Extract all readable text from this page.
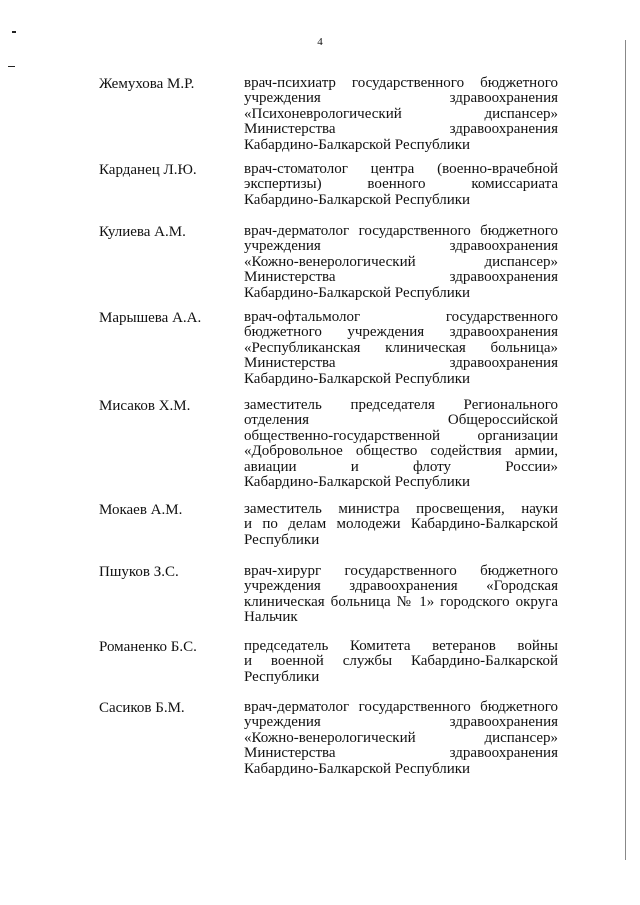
4
Жемухова М.Р.	врач-психиатр государственного бюджетного
учреждения здравоохранения
«Психоневрологический диспансер»
Министерства здравоохранения
Кабардино-Балкарской Республики
Карданец Л.Ю.	врач-стоматолог центра (военно-врачебной
экспертизы) военного комиссариата
Кабардино-Балкарской Республики
Кулиева А.М.	врач-дерматолог государственного бюджетного
учреждения здравоохранения
«Кожно-венерологический диспансер»
Министерства здравоохранения
Кабардино-Балкарской Республики
Марышева А.А.	врач-офтальмолог государственного
бюджетного учреждения здравоохранения
«Республиканская клиническая больница»
Министерства здравоохранения
Кабардино-Балкарской Республики
Мисаков Х.М.	заместитель председателя Регионального
отделения Общероссийской
общественно-государственной организации
«Добровольное общество содействия армии,
авиации и флоту России»
Кабардино-Балкарской Республики
Мокаев А.М.	заместитель министра просвещения, науки
и по делам молодежи Кабардино-Балкарской
Республики
Пшуков З.С.	врач-хирург государственного бюджетного
учреждения здравоохранения «Городская
клиническая больница № 1» городского округа
Нальчик
Романенко Б.С.	председатель Комитета ветеранов войны
и военной службы Кабардино-Балкарской
Республики
Сасиков Б.М.	врач-дерматолог государственного бюджетного
учреждения здравоохранения
«Кожно-венерологический диспансер»
Министерства здравоохранения
Кабардино-Балкарской Республики
